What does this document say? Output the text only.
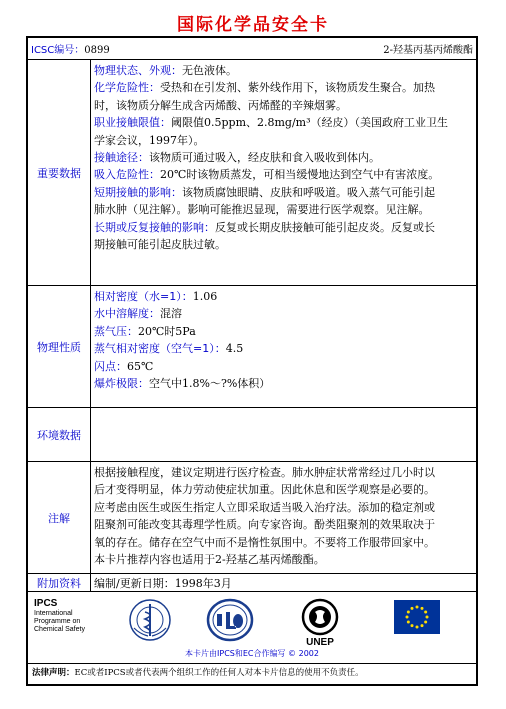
国际化学品安全卡
ICSC编号：0899	2-羟基丙基丙烯酸酯
重要数据
物理状态、外观：无色液体。
化学危险性：受热和在引发剂、紫外线作用下，该物质发生聚合。加热
时，该物质分解生成含丙烯酸、丙烯醛的辛辣烟雾。
职业接触限值：阈限值0.5ppm、2.8mg/m³（经皮）（美国政府工业卫生
学家会议，1997年）。
接触途径：该物质可通过吸入，经皮肤和食入吸收到体内。
吸入危险性：20℃时该物质蒸发，可相当缓慢地达到空气中有害浓度。
短期接触的影响：该物质腐蚀眼睛、皮肤和呼吸道。吸入蒸气可能引起
肺水肿（见注解）。影响可能推迟显现，需要进行医学观察。见注解。
长期或反复接触的影响：反复或长期皮肤接触可能引起皮炎。反复或长
期接触可能引起皮肤过敏。
物理性质
相对密度（水=1）：1.06
水中溶解度：混溶
蒸气压：20℃时5Pa
蒸气相对密度（空气=1）：4.5
闪点：65℃
爆炸极限：空气中1.8%～?%体积）
环境数据
注解
根据接触程度，建议定期进行医疗检查。肺水肿症状常常经过几小时以
后才变得明显，体力劳动使症状加重。因此休息和医学观察是必要的。
应考虑由医生或医生指定人立即采取适当吸入治疗法。添加的稳定剂或
阻聚剂可能改变其毒理学性质。向专家咨询。酚类阻聚剂的效果取决于
氧的存在。储存在空气中而不是惰性氛围中。不要将工作服带回家中。
本卡片推荐内容也适用于2-羟基乙基丙烯酸酯。
附加资料	编制/更新日期：1998年3月
IPCS
International
Programme on
Chemical Safety
UNEP
本卡片由IPCS和EC合作编写 © 2002
法律声明：EC或者IPCS或者代表两个组织工作的任何人对本卡片信息的使用不负责任。
